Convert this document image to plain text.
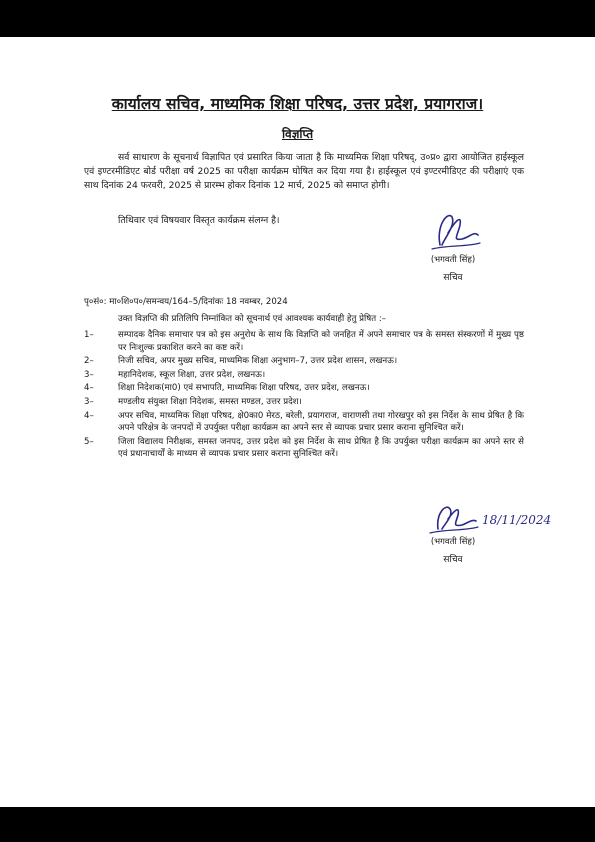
कार्यालय सचिव, माध्यमिक शिक्षा परिषद, उत्तर प्रदेश, प्रयागराज।
विज्ञप्ति
सर्व साधारण के सूचनार्थ विज्ञापित एवं प्रसारित किया जाता है कि माध्यमिक शिक्षा परिषद्, उ०प्र० द्वारा आयोजित हाईस्कूल एवं इण्टरमीडिएट बोर्ड परीक्षा वर्ष 2025 का परीक्षा कार्यक्रम घोषित कर दिया गया है। हाईस्कूल एवं इण्टरमीडिएट की परीक्षाएं एक साथ दिनांक 24 फरवरी, 2025 से प्रारम्भ होकर दिनांक 12 मार्च, 2025 को समाप्त होगी।
तिथिवार एवं विषयवार विस्तृत कार्यक्रम संलग्न है।
(भगवती सिंह)
सचिव
पृ०सं०: मा०शि०प०/समन्वय/164–5/दिनांकः 18 नवम्बर, 2024
उक्त विज्ञप्ति की प्रतिलिपि निम्नांकित को सूचनार्थ एवं आवश्यक कार्यवाही हेतु प्रेषित :–
1–	सम्पादक दैनिक समाचार पत्र को इस अनुरोध के साथ कि विज्ञप्ति को जनहित में अपने समाचार पत्र के समस्त संस्करणों में मुख्य पृष्ठ पर निःशुल्क प्रकाशित करने का कष्ट करें।
2–	निजी सचिव, अपर मुख्य सचिव, माध्यमिक शिक्षा अनुभाग–7, उत्तर प्रदेश शासन, लखनऊ।
3–	महानिदेशक, स्कूल शिक्षा, उत्तर प्रदेश, लखनऊ।
4–	शिक्षा निदेशक(मा0) एवं सभापति, माध्यमिक शिक्षा परिषद, उत्तर प्रदेश, लखनऊ।
3–	मण्डलीय संयुक्त शिक्षा निदेशक, समस्त मण्डल, उत्तर प्रदेश।
4–	अपर सचिव, माध्यमिक शिक्षा परिषद, क्षे0का0 मेरठ, बरेली, प्रयागराज, वाराणसी तथा गोरखपुर को इस निर्देश के साथ प्रेषित है कि अपने परिक्षेत्र के जनपदों में उपर्युक्त परीक्षा कार्यक्रम का अपने स्तर से व्यापक प्रचार प्रसार कराना सुनिश्चित करें।
5–	जिला विद्यालय निरीक्षक, समस्त जनपद, उत्तर प्रदेश को इस निर्देश के साथ प्रेषित है कि उपर्युक्त परीक्षा कार्यक्रम का अपने स्तर से एवं प्रधानाचार्यों के माध्यम से व्यापक प्रचार प्रसार कराना सुनिश्चित करें।
(भगवती सिंह)
सचिव
18/11/2024
